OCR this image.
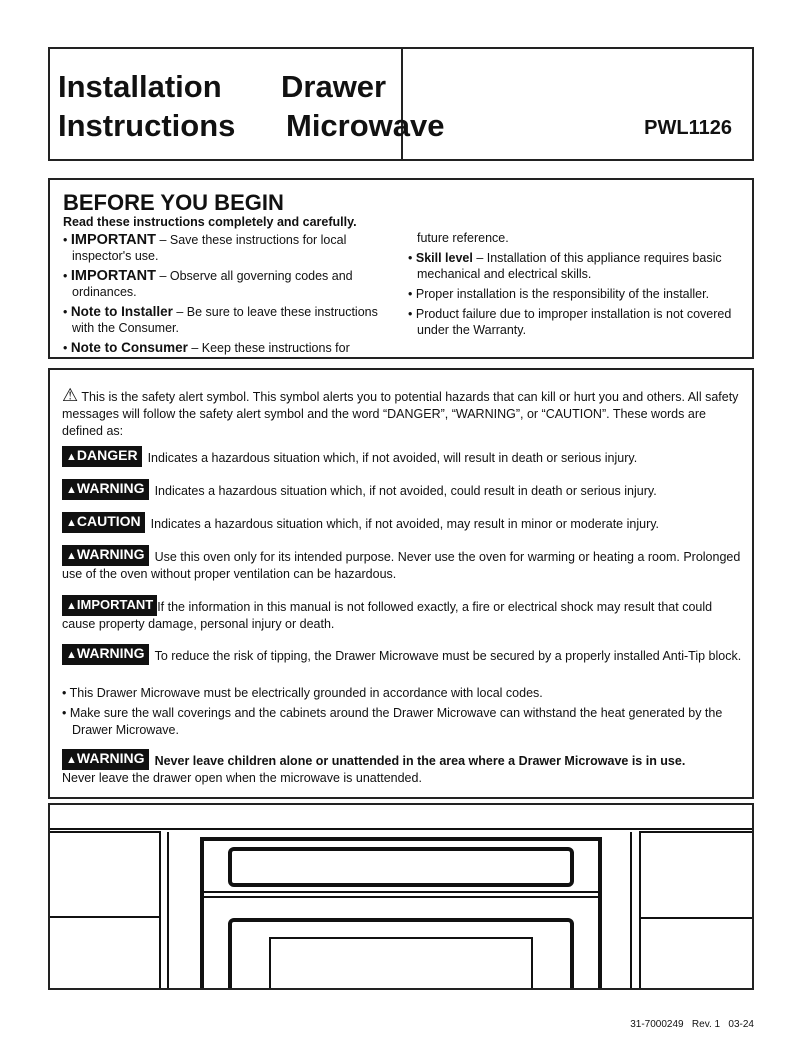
Installation
Instructions
Drawer
Microwave	PWL1126
BEFORE YOU BEGIN
Read these instructions completely and carefully.
• IMPORTANT – Save these instructions for local inspector's use.
• IMPORTANT – Observe all governing codes and ordinances.
• Note to Installer – Be sure to leave these instructions with the Consumer.
• Note to Consumer – Keep these instructions for
future reference.
• Skill level – Installation of this appliance requires basic mechanical and electrical skills.
• Proper installation is the responsibility of the installer.
• Product failure due to improper installation is not covered under the Warranty.
⚠ This is the safety alert symbol. This symbol alerts you to potential hazards that can kill or hurt you and others. All safety messages will follow the safety alert symbol and the word “DANGER”, “WARNING”, or “CAUTION”. These words are defined as:
▲DANGER Indicates a hazardous situation which, if not avoided, will result in death or serious injury.
▲WARNING Indicates a hazardous situation which, if not avoided, could result in death or serious injury.
▲CAUTION Indicates a hazardous situation which, if not avoided, may result in minor or moderate injury.
▲WARNING Use this oven only for its intended purpose. Never use the oven for warming or heating a room. Prolonged use of the oven without proper ventilation can be hazardous.
▲IMPORTANT If the information in this manual is not followed exactly, a fire or electrical shock may result that could cause property damage, personal injury or death.
▲WARNING To reduce the risk of tipping, the Drawer Microwave must be secured by a properly installed Anti-Tip block.
• This Drawer Microwave must be electrically grounded in accordance with local codes.
• Make sure the wall coverings and the cabinets around the Drawer Microwave can withstand the heat generated by the Drawer Microwave.
▲WARNING Never leave children alone or unattended in the area where a Drawer Microwave is in use.
Never leave the drawer open when the microwave is unattended.
31-7000249   Rev. 1   03-24
